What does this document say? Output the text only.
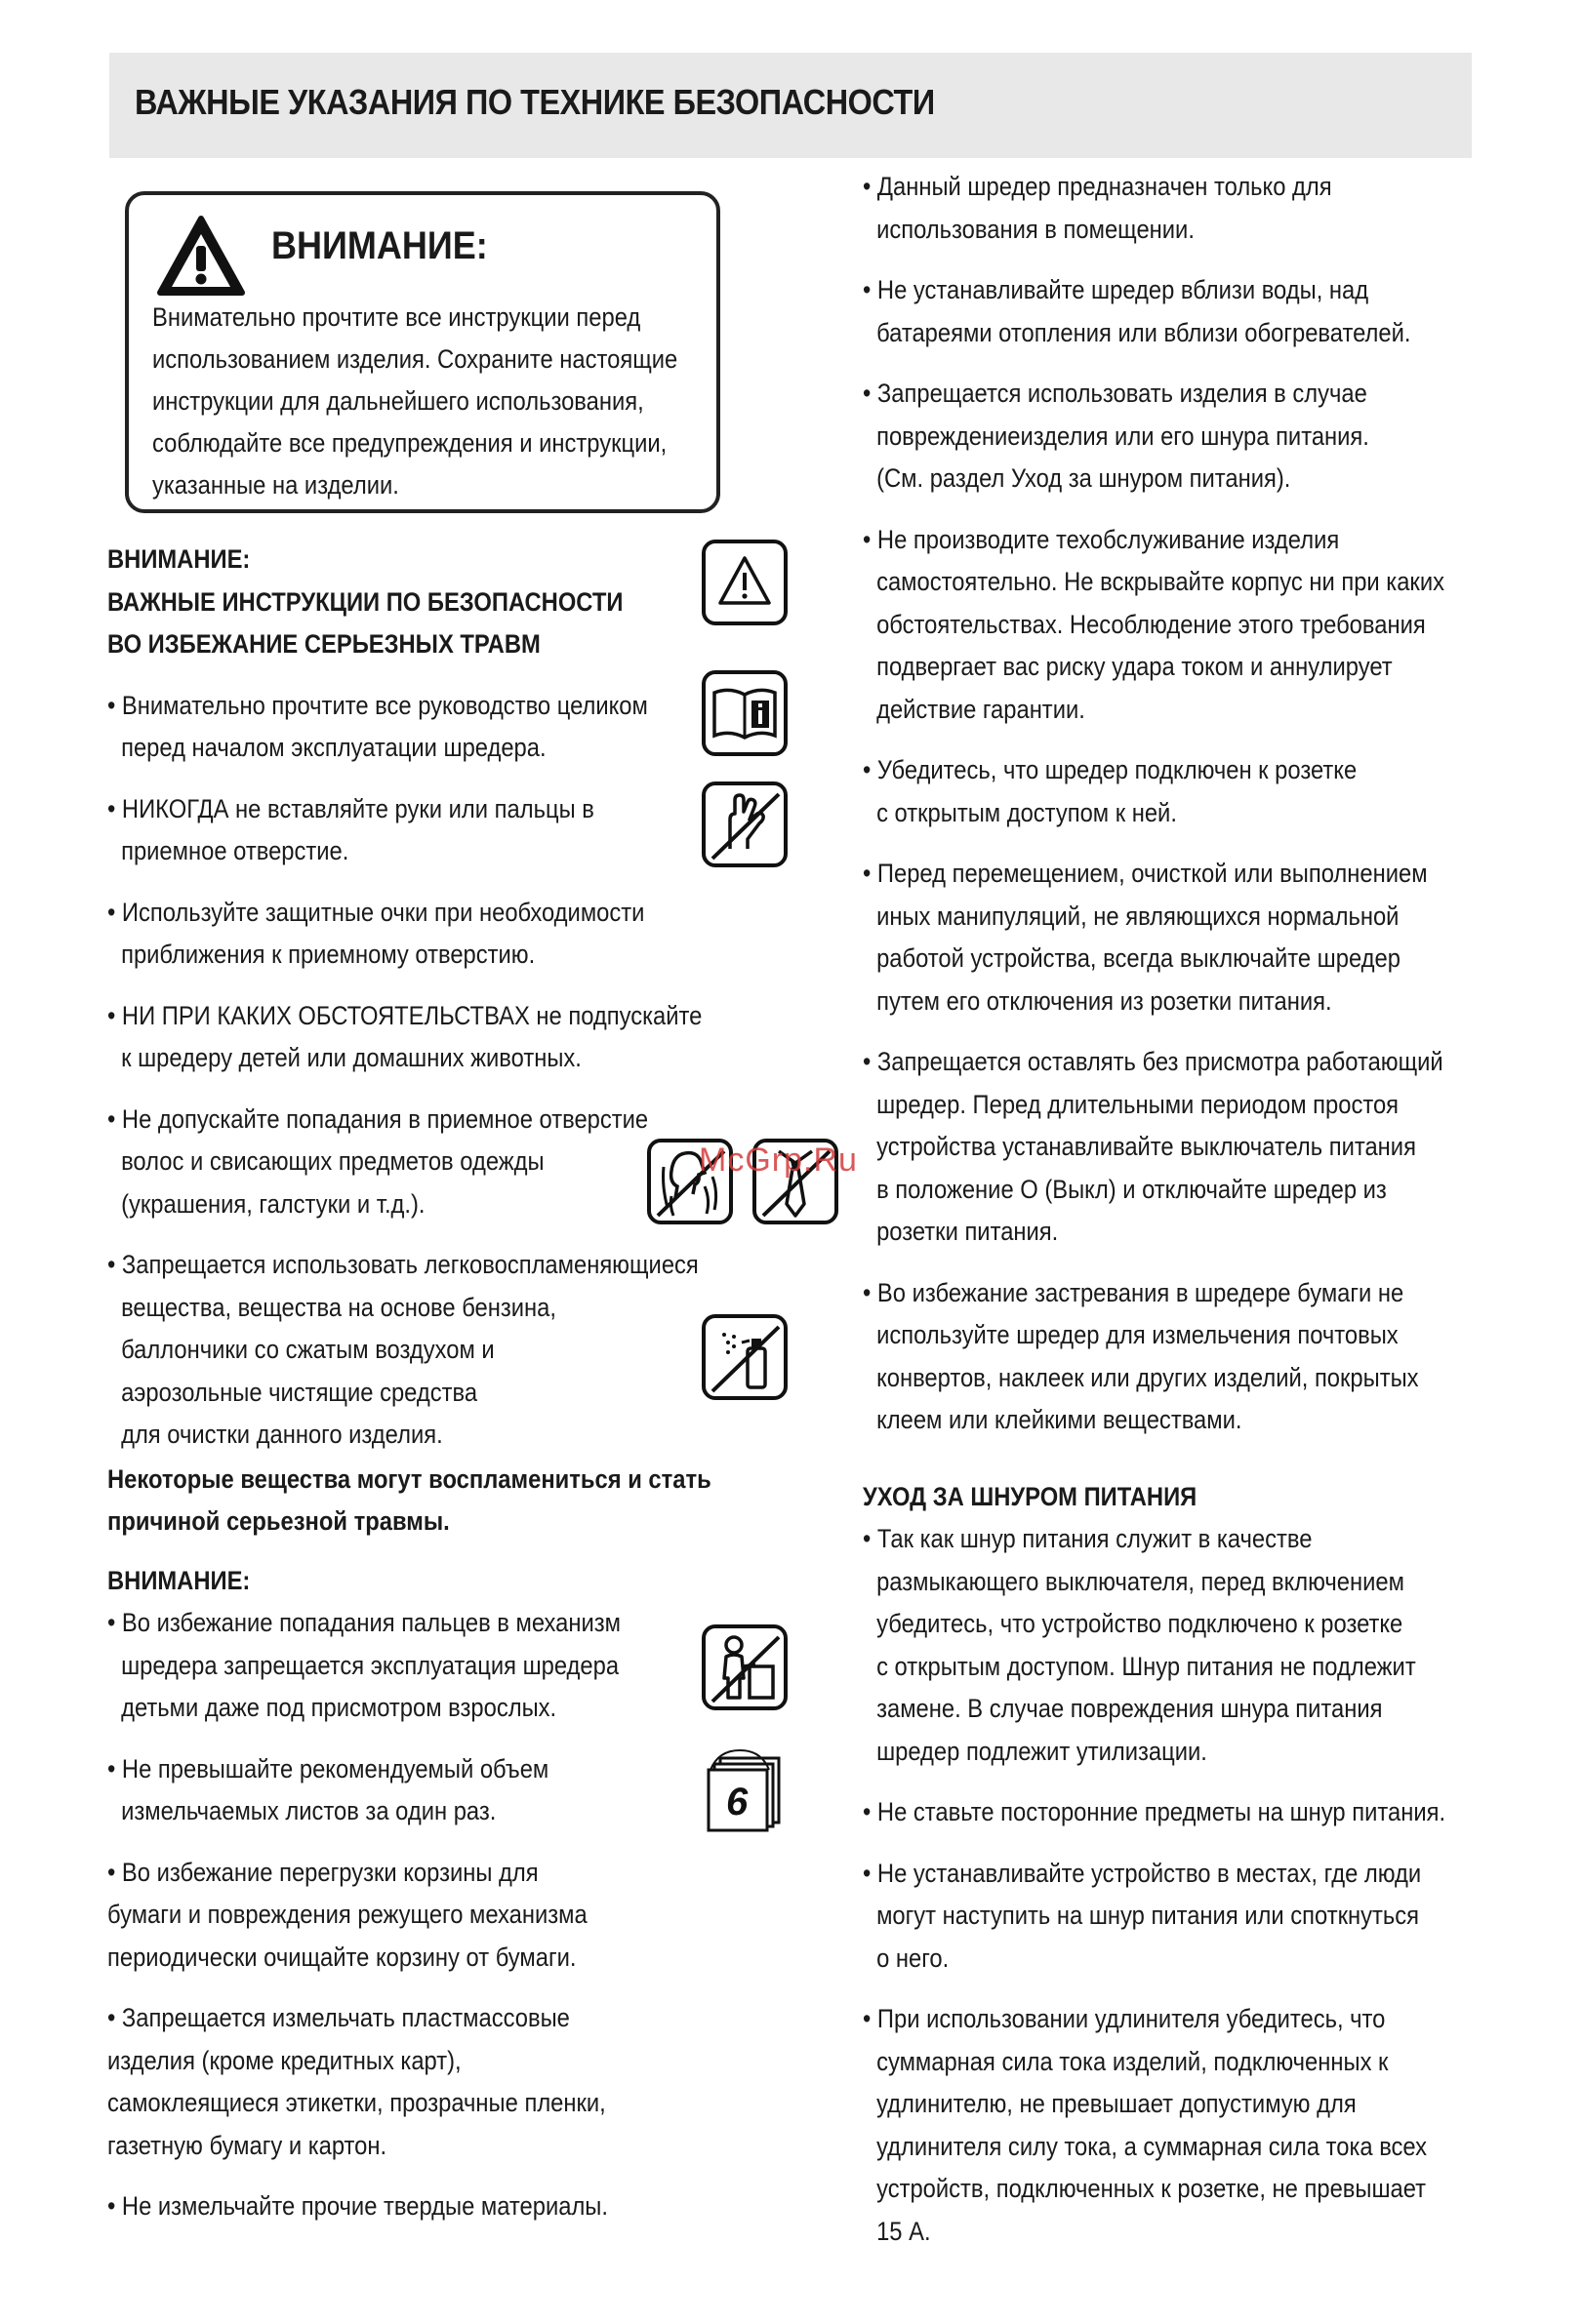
ВАЖНЫЕ УКАЗАНИЯ ПО ТЕХНИКЕ БЕЗОПАСНОСТИ
ВНИМАНИЕ:
Внимательно прочтите все инструкции перед
использованием изделия. Сохраните настоящие
инструкции для дальнейшего использования,
соблюдайте все предупреждения и инструкции,
указанные на изделии.
ВНИМАНИЕ:
ВАЖНЫЕ ИНСТРУКЦИИ ПО БЕЗОПАСНОСТИ
ВО ИЗБЕЖАНИЕ СЕРЬЕЗНЫХ ТРАВМ
• Внимательно прочтите все руководство целиком
перед началом эксплуатации шредера.
• НИКОГДА не вставляйте руки или пальцы в
приемное отверстие.
• Используйте защитные очки при необходимости
приближения к приемному отверстию.
• НИ ПРИ КАКИХ ОБСТОЯТЕЛЬСТВАХ не подпускайте
к шредеру детей или домашних животных.
• Не допускайте попадания в приемное отверстие
волос и свисающих предметов одежды
(украшения, галстуки и т.д.).
• Запрещается использовать легковоспламеняющиеся
вещества, вещества на основе бензина,
баллончики со сжатым воздухом и
аэрозольные чистящие средства
для очистки данного изделия.
Некоторые вещества могут воспламениться и стать
причиной серьезной травмы.
ВНИМАНИЕ:
• Во избежание попадания пальцев в механизм
шредера запрещается эксплуатация шредера
детьми даже под присмотром взрослых.
• Не превышайте рекомендуемый объем
измельчаемых листов за один раз.
• Во избежание перегрузки корзины для
бумаги и повреждения режущего механизма
периодически очищайте корзину от бумаги.
• Запрещается измельчать пластмассовые
изделия (кроме кредитных карт),
самоклеящиеся этикетки, прозрачные пленки,
газетную бумагу и картон.
• Не измельчайте прочие твердые материалы.
• Данный шредер предназначен только для
использования в помещении.
• Не устанавливайте шредер вблизи воды, над
батареями отопления или вблизи обогревателей.
• Запрещается использовать изделия в случае
повреждениеизделия или его шнура питания.
(См. раздел Уход за шнуром питания).
• Не производите техобслуживание изделия
самостоятельно. Не вскрывайте корпус ни при каких
обстоятельствах. Несоблюдение этого требования
подвергает вас риску удара током и аннулирует
действие гарантии.
• Убедитесь, что шредер подключен к розетке
с открытым доступом к ней.
• Перед перемещением, очисткой или выполнением
иных манипуляций, не являющихся нормальной
работой устройства, всегда выключайте шредер
путем его отключения из розетки питания.
• Запрещается оставлять без присмотра работающий
шредер. Перед длительными периодом простоя
устройства устанавливайте выключатель питания
в положение O (Выкл) и отключайте шредер из
розетки питания.
• Во избежание застревания в шредере бумаги не
используйте шредер для измельчения почтовых
конвертов, наклеек или других изделий, покрытых
клеем или клейкими веществами.
УХОД ЗА ШНУРОМ ПИТАНИЯ
• Так как шнур питания служит в качестве
размыкающего выключателя, перед включением
убедитесь, что устройство подключено к розетке
с открытым доступом. Шнур питания не подлежит
замене. В случае повреждения шнура питания
шредер подлежит утилизации.
• Не ставьте посторонние предметы на шнур питания.
• Не устанавливайте устройство в местах, где люди
могут наступить на шнур питания или споткнуться
о него.
• При использовании удлинителя убедитесь, что
суммарная сила тока изделий, подключенных к
удлинителю, не превышает допустимую для
удлинителя силу тока, а суммарная сила тока всех
устройств, подключенных к розетке, не превышает
15 А.
6
McGrp.Ru
